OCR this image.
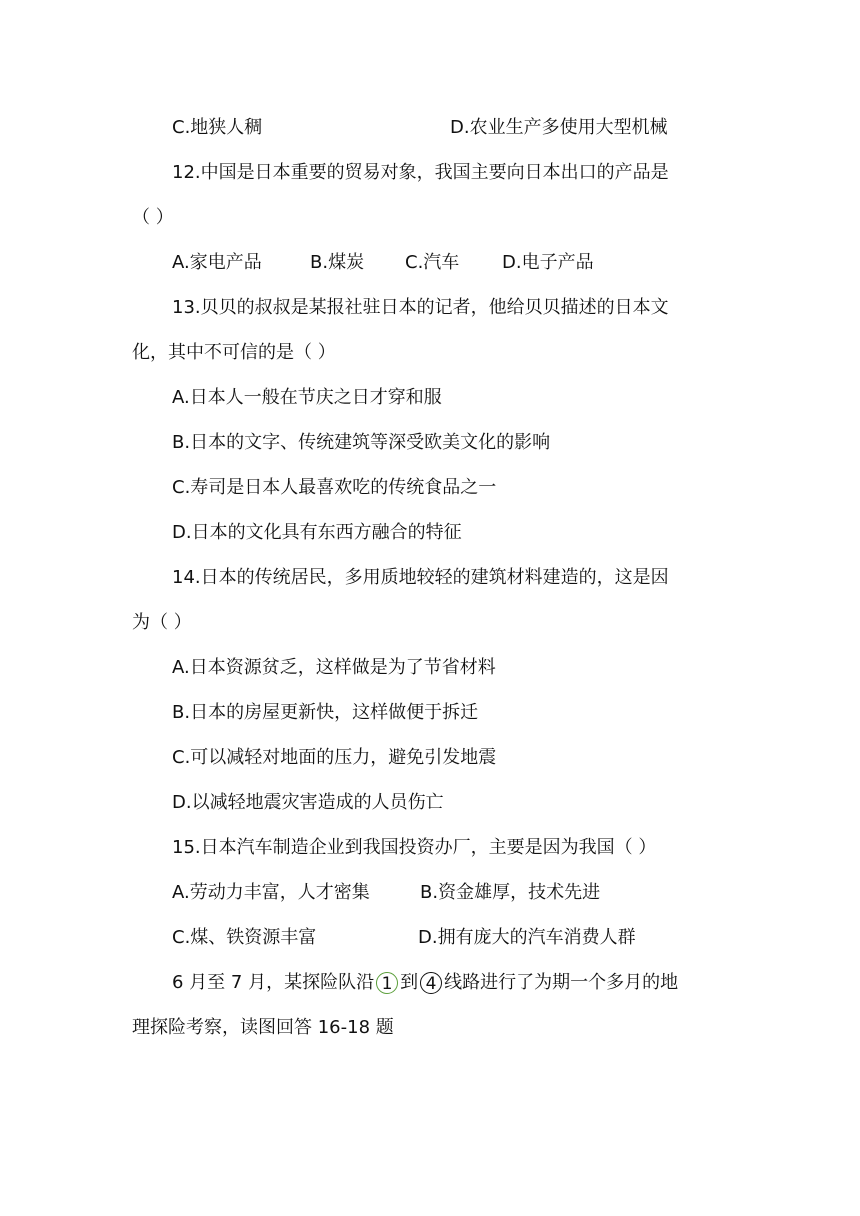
C.地狭人稠	D.农业生产多使用大型机械
12.中国是日本重要的贸易对象，我国主要向日本出口的产品是
（ ）
A.家电产品	B.煤炭 C.汽车 D.电子产品
13.贝贝的叔叔是某报社驻日本的记者，他给贝贝描述的日本文
化，其中不可信的是（ ）
A.日本人一般在节庆之日才穿和服
B.日本的文字、传统建筑等深受欧美文化的影响
C.寿司是日本人最喜欢吃的传统食品之一
D.日本的文化具有东西方融合的特征
14.日本的传统居民，多用质地较轻的建筑材料建造的，这是因
为（ ）
A.日本资源贫乏，这样做是为了节省材料
B.日本的房屋更新快，这样做便于拆迁
C.可以减轻对地面的压力，避免引发地震
D.以减轻地震灾害造成的人员伤亡
15.日本汽车制造企业到我国投资办厂，主要是因为我国（ ）
A.劳动力丰富，人才密集	B.资金雄厚，技术先进
C.煤、铁资源丰富	D.拥有庞大的汽车消费人群
6 月至 7 月，某探险队沿 1 到 4 线路进行了为期一个多月的地
理探险考察，读图回答 16-18 题
